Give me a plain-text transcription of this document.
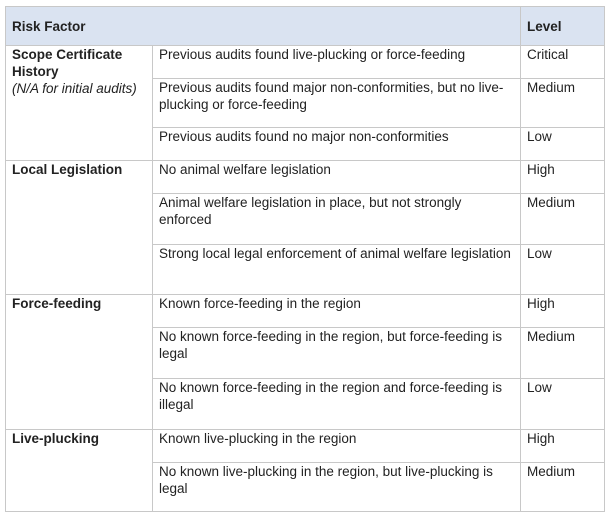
Risk Factor		Level
Scope Certificate History
(N/A for initial audits)	Previous audits found live-plucking or force-feeding	Critical
	Previous audits found major non-conformities, but no live-plucking or force-feeding	Medium
	Previous audits found no major non-conformities	Low
Local Legislation	No animal welfare legislation	High
	Animal welfare legislation in place, but not strongly enforced	Medium
	Strong local legal enforcement of animal welfare legislation	Low
Force-feeding	Known force-feeding in the region	High
	No known force-feeding in the region, but force-feeding is legal	Medium
	No known force-feeding in the region and force-feeding is illegal	Low
Live-plucking	Known live-plucking in the region	High
	No known live-plucking in the region, but live-plucking is legal	Medium
